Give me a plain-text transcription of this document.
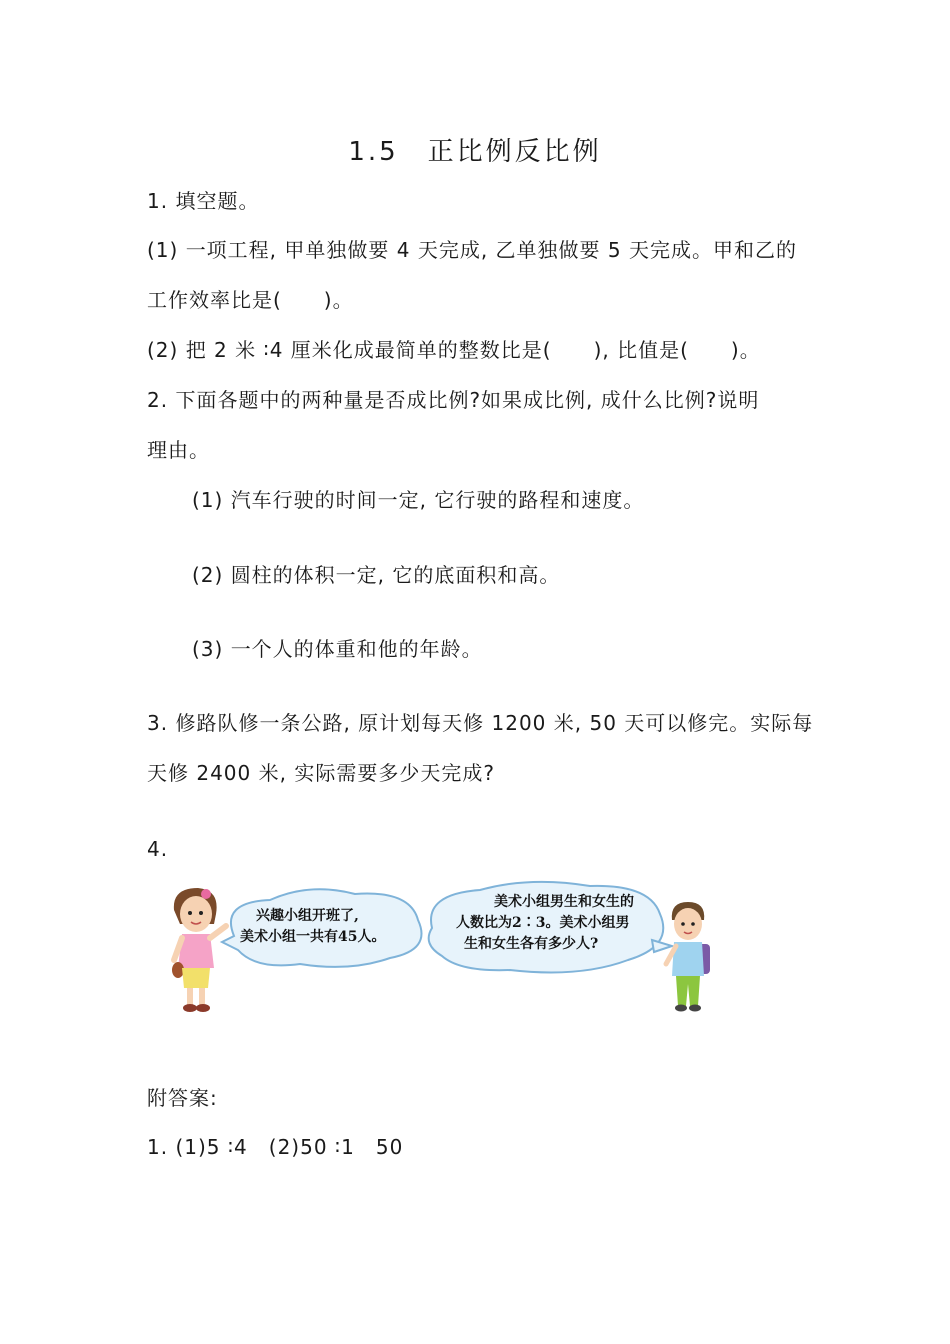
1.5　正比例反比例

1. 填空题。

(1) 一项工程, 甲单独做要 4 天完成, 乙单独做要 5 天完成。甲和乙的

工作效率比是(　　)。

(2) 把 2 米 ∶4 厘米化成最简单的整数比是(　　), 比值是(　　)。

2. 下面各题中的两种量是否成比例?如果成比例, 成什么比例?说明

理由。

(1) 汽车行驶的时间一定, 它行驶的路程和速度。

(2) 圆柱的体积一定, 它的底面积和高。

(3) 一个人的体重和他的年龄。

3. 修路队修一条公路, 原计划每天修 1200 米, 50 天可以修完。实际每

天修 2400 米, 实际需要多少天完成?

4.

兴趣小组开班了,
美术小组一共有45人。
美术小组男生和女生的
人数比为2∶3。美术小组男
生和女生各有多少人?

附答案:

1. (1)5 ∶4　(2)50 ∶1　50
